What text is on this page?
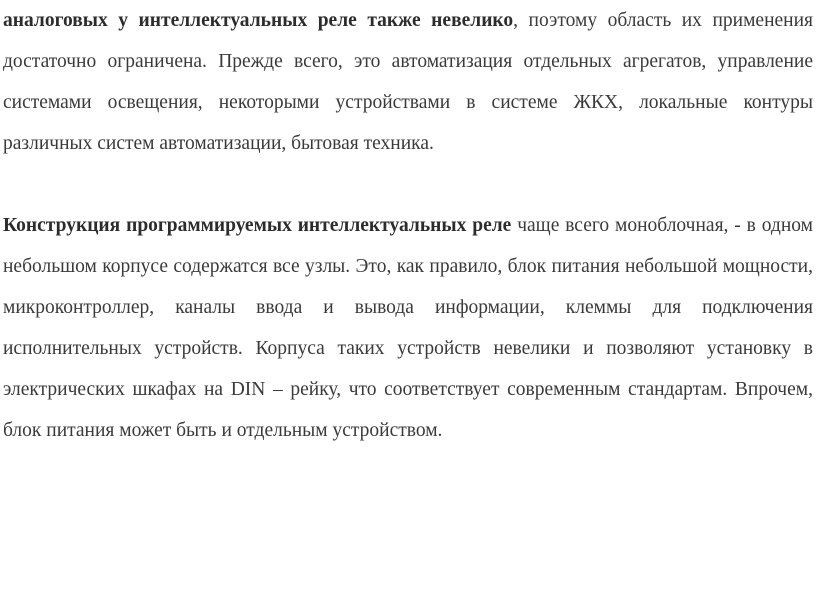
аналоговых у интеллектуальных реле также невелико, поэтому область их применения достаточно ограничена. Прежде всего, это автоматизация отдельных агрегатов, управление системами освещения, некоторыми устройствами в системе ЖКХ, локальные контуры различных систем автоматизации, бытовая техника.

Конструкция программируемых интеллектуальных реле чаще всего моноблочная, - в одном небольшом корпусе содержатся все узлы. Это, как правило, блок питания небольшой мощности, микроконтроллер, каналы ввода и вывода информации, клеммы для подключения исполнительных устройств. Корпуса таких устройств невелики и позволяют установку в электрических шкафах на DIN – рейку, что соответствует современным стандартам. Впрочем, блок питания может быть и отдельным устройством.
